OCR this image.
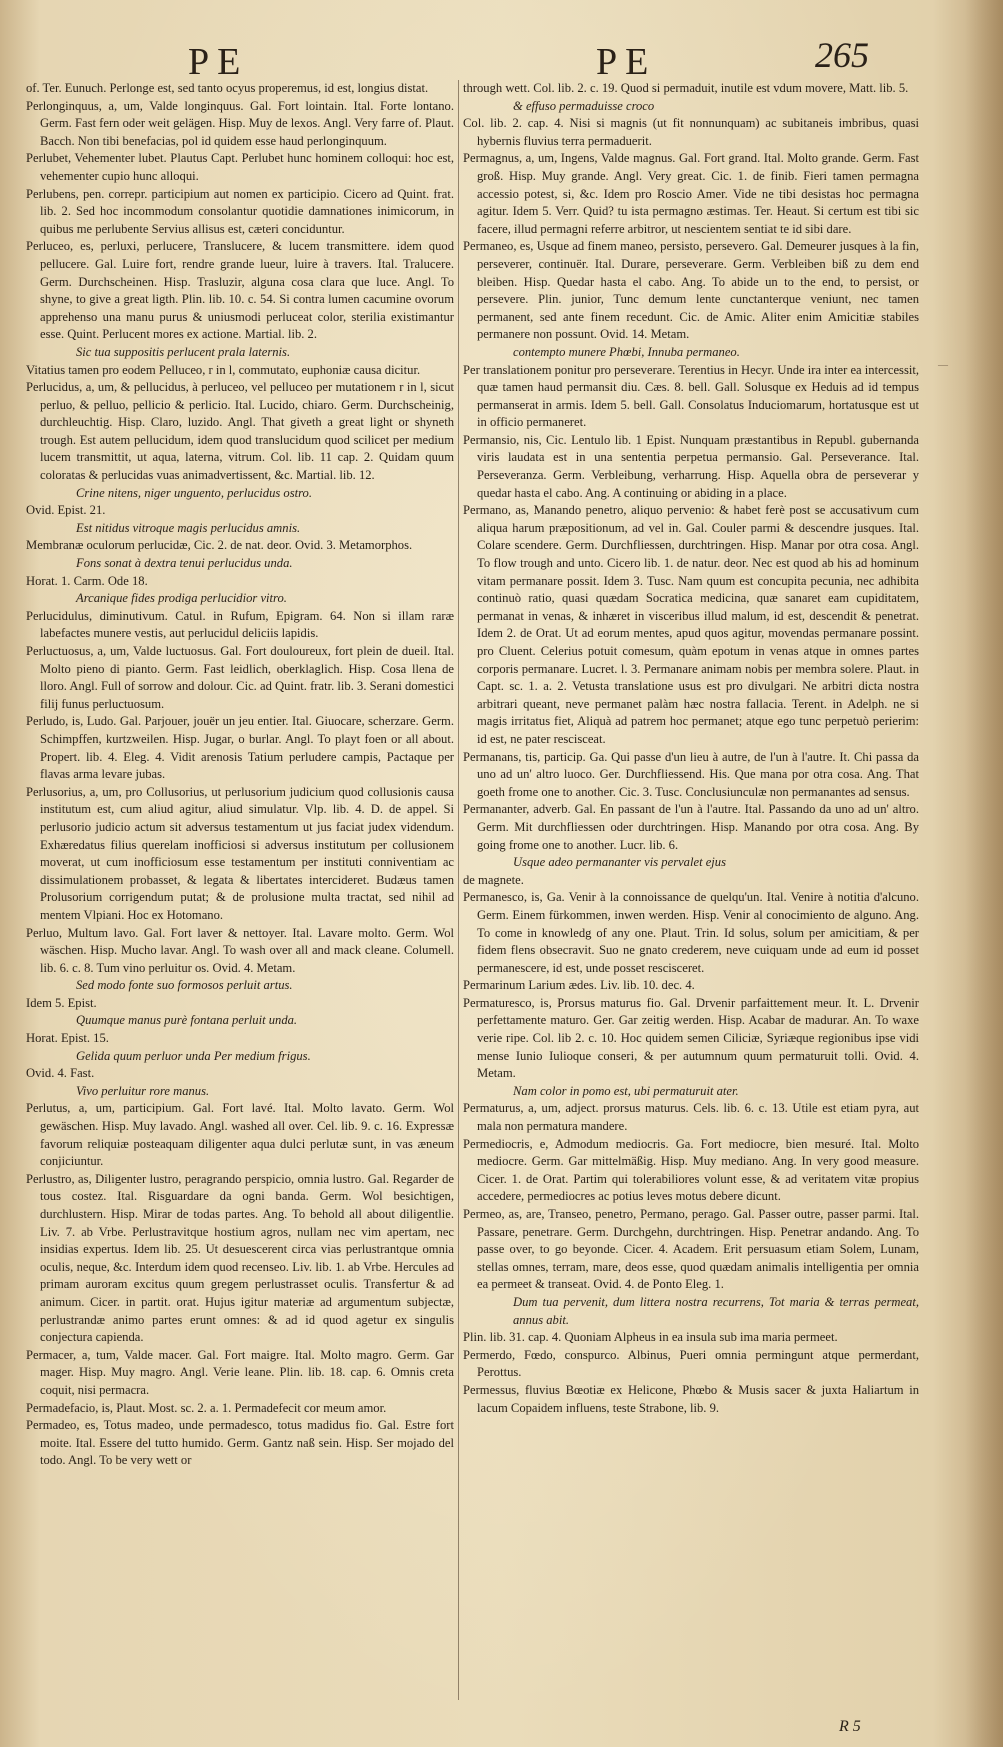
PE	PE	265

of. Ter. Eunuch. Perlonge est, sed tanto ocyus properemus, id est, longius distat.

Perlonginquus, a, um, Valde longinquus. Gal. Fort lointain. Ital. Forte lontano. Germ. Fast fern oder weit gelägen. Hisp. Muy de lexos. Angl. Very farre of. Plaut. Bacch. Non tibi benefacias, pol id quidem esse haud perlonginquum.

Perlubet, Vehementer lubet. Plautus Capt. Perlubet hunc hominem colloqui: hoc est, vehementer cupio hunc alloqui.

Perlubens, pen. correpr. participium aut nomen ex participio. Cicero ad Quint. frat. lib. 2. Sed hoc incommodum consolantur quotidie damnationes inimicorum, in quibus me perlubente Servius allisus est, cæteri conciduntur.

Perluceo, es, perluxi, perlucere, Translucere, & lucem transmittere. idem quod pellucere. Gal. Luire fort, rendre grande lueur, luire à travers. Ital. Tralucere. Germ. Durchscheinen. Hisp. Trasluzir, alguna cosa clara que luce. Angl. To shyne, to give a great ligth. Plin. lib. 10. c. 54. Si contra lumen cacumine ovorum apprehenso una manu purus & uniusmodi perluceat color, sterilia existimantur esse. Quint. Perlucent mores ex actione. Martial. lib. 2.

Sic tua suppositis perlucent prala laternis.

Vitatius tamen pro eodem Pelluceo, r in l, commutato, euphoniæ causa dicitur.

Perlucidus, a, um, & pellucidus, à perluceo, vel pelluceo per mutationem r in l, sicut perluo, & pelluo, pellicio & perlicio. Ital. Lucido, chiaro. Germ. Durchscheinig, durchleuchtig. Hisp. Claro, luzido. Angl. That giveth a great light or shyneth trough. Est autem pellucidum, idem quod translucidum quod scilicet per medium lucem transmittit, ut aqua, laterna, vitrum. Col. lib. 11 cap. 2. Quidam quum coloratas & perlucidas vuas animadvertissent, &c. Martial. lib. 12.

Crine nitens, niger unguento, perlucidus ostro.

Ovid. Epist. 21.

Est nitidus vitroque magis perlucidus amnis.

Membranæ oculorum perlucidæ, Cic. 2. de nat. deor. Ovid. 3. Metamorphos.

Fons sonat à dextra tenui perlucidus unda.

Horat. 1. Carm. Ode 18.

Arcanique fides prodiga perlucidior vitro.

Perlucidulus, diminutivum. Catul. in Rufum, Epigram. 64. Non si illam raræ labefactes munere vestis, aut perlucidul deliciis lapidis.

Perluctuosus, a, um, Valde luctuosus. Gal. Fort douloureux, fort plein de dueil. Ital. Molto pieno di pianto. Germ. Fast leidlich, oberklaglich. Hisp. Cosa llena de lloro. Angl. Full of sorrow and dolour. Cic. ad Quint. fratr. lib. 3. Serani domestici filij funus perluctuosum.

Perludo, is, Ludo. Gal. Parjouer, jouër un jeu entier. Ital. Giuocare, scherzare. Germ. Schimpffen, kurtzweilen. Hisp. Jugar, o burlar. Angl. To playt foen or all about. Propert. lib. 4. Eleg. 4. Vidit arenosis Tatium perludere campis, Pactaque per flavas arma levare jubas.

Perlusorius, a, um, pro Collusorius, ut perlusorium judicium quod collusionis causa institutum est, cum aliud agitur, aliud simulatur. Vlp. lib. 4. D. de appel. Si perlusorio judicio actum sit adversus testamentum ut jus faciat judex videndum. Exhæredatus filius querelam inofficiosi si adversus institutum per collusionem moverat, ut cum inofficiosum esse testamentum per instituti conniventiam ac dissimulationem probasset, & legata & libertates intercideret. Budæus tamen Prolusorium corrigendum putat; & de prolusione multa tractat, sed nihil ad mentem Vlpiani. Hoc ex Hotomano.

Perluo, Multum lavo. Gal. Fort laver & nettoyer. Ital. Lavare molto. Germ. Wol wäschen. Hisp. Mucho lavar. Angl. To wash over all and mack cleane. Columell. lib. 6. c. 8. Tum vino perluitur os. Ovid. 4. Metam.

Sed modo fonte suo formosos perluit artus.

Idem 5. Epist.

Quumque manus purè fontana perluit unda.

Horat. Epist. 15.

Gelida quum perluor unda Per medium frigus.

Ovid. 4. Fast.

Vivo perluitur rore manus.

Perlutus, a, um, participium. Gal. Fort lavé. Ital. Molto lavato. Germ. Wol gewäschen. Hisp. Muy lavado. Angl. washed all over. Cel. lib. 9. c. 16. Expressæ favorum reliquiæ posteaquam diligenter aqua dulci perlutæ sunt, in vas æneum conjiciuntur.

Perlustro, as, Diligenter lustro, peragrando perspicio, omnia lustro. Gal. Regarder de tous costez. Ital. Risguardare da ogni banda. Germ. Wol besichtigen, durchlustern. Hisp. Mirar de todas partes. Ang. To behold all about diligentlie. Liv. 7. ab Vrbe. Perlustravitque hostium agros, nullam nec vim apertam, nec insidias expertus. Idem lib. 25. Ut desuescerent circa vias perlustrantque omnia oculis, neque, &c. Interdum idem quod recenseo. Liv. lib. 1. ab Vrbe. Hercules ad primam auroram excitus quum gregem perlustrasset oculis. Transfertur & ad animum. Cicer. in partit. orat. Hujus igitur materiæ ad argumentum subjectæ, perlustrandæ animo partes erunt omnes: & ad id quod agetur ex singulis conjectura capienda.

Permacer, a, tum, Valde macer. Gal. Fort maigre. Ital. Molto magro. Germ. Gar mager. Hisp. Muy magro. Angl. Verie leane. Plin. lib. 18. cap. 6. Omnis creta coquit, nisi permacra.

Permadefacio, is, Plaut. Most. sc. 2. a. 1. Permadefecit cor meum amor.

Permadeo, es, Totus madeo, unde permadesco, totus madidus fio. Gal. Estre fort moite. Ital. Essere del tutto humido. Germ. Gantz naß sein. Hisp. Ser mojado del todo. Angl. To be very wett or

through wett. Col. lib. 2. c. 19. Quod si permaduit, inutile est vdum movere, Matt. lib. 5.

& effuso permaduisse croco

Col. lib. 2. cap. 4. Nisi si magnis (ut fit nonnunquam) ac subitaneis imbribus, quasi hybernis fluvius terra permaduerit.

Permagnus, a, um, Ingens, Valde magnus. Gal. Fort grand. Ital. Molto grande. Germ. Fast groß. Hisp. Muy grande. Angl. Very great. Cic. 1. de finib. Fieri tamen permagna accessio potest, si, &c. Idem pro Roscio Amer. Vide ne tibi desistas hoc permagna agitur. Idem 5. Verr. Quid? tu ista permagno æstimas. Ter. Heaut. Si certum est tibi sic facere, illud permagni referre arbitror, ut nescientem sentiat te id sibi dare.

Permaneo, es, Usque ad finem maneo, persisto, persevero. Gal. Demeurer jusques à la fin, perseverer, continuër. Ital. Durare, perseverare. Germ. Verbleiben biß zu dem end bleiben. Hisp. Quedar hasta el cabo. Ang. To abide un to the end, to persist, or persevere. Plin. junior, Tunc demum lente cunctanterque veniunt, nec tamen permanent, sed ante finem recedunt. Cic. de Amic. Aliter enim Amicitiæ stabiles permanere non possunt. Ovid. 14. Metam.

contempto munere Phœbi, Innuba permaneo.

Per translationem ponitur pro perseverare. Terentius in Hecyr. Unde ira inter ea intercessit, quæ tamen haud permansit diu. Cæs. 8. bell. Gall. Solusque ex Heduis ad id tempus permanserat in armis. Idem 5. bell. Gall. Consolatus Induciomarum, hortatusque est ut in officio permaneret.

Permansio, nis, Cic. Lentulo lib. 1 Epist. Nunquam præstantibus in Republ. gubernanda viris laudata est in una sententia perpetua permansio. Gal. Perseverance. Ital. Perseveranza. Germ. Verbleibung, verharrung. Hisp. Aquella obra de perseverar y quedar hasta el cabo. Ang. A continuing or abiding in a place.

Permano, as, Manando penetro, aliquo pervenio: & habet ferè post se accusativum cum aliqua harum præpositionum, ad vel in. Gal. Couler parmi & descendre jusques. Ital. Colare scendere. Germ. Durchfliessen, durchtringen. Hisp. Manar por otra cosa. Angl. To flow trough and unto. Cicero lib. 1. de natur. deor. Nec est quod ab his ad hominum vitam permanare possit. Idem 3. Tusc. Nam quum est concupita pecunia, nec adhibita continuò ratio, quasi quædam Socratica medicina, quæ sanaret eam cupiditatem, permanat in venas, & inhæret in visceribus illud malum, id est, descendit & penetrat. Idem 2. de Orat. Ut ad eorum mentes, apud quos agitur, movendas permanare possint. pro Cluent. Celerius potuit comesum, quàm epotum in venas atque in omnes partes corporis permanare. Lucret. l. 3. Permanare animam nobis per membra solere. Plaut. in Capt. sc. 1. a. 2. Vetusta translatione usus est pro divulgari. Ne arbitri dicta nostra arbitrari queant, neve permanet palàm hæc nostra fallacia. Terent. in Adelph. ne si magis irritatus fiet, Aliquà ad patrem hoc permanet; atque ego tunc perpetuò perierim: id est, ne pater rescisceat.

Permanans, tis, particip. Ga. Qui passe d'un lieu à autre, de l'un à l'autre. It. Chi passa da uno ad un' altro luoco. Ger. Durchfliessend. His. Que mana por otra cosa. Ang. That goeth frome one to another. Cic. 3. Tusc. Conclusiunculæ non permanantes ad sensus.

Permananter, adverb. Gal. En passant de l'un à l'autre. Ital. Passando da uno ad un' altro. Germ. Mit durchfliessen oder durchtringen. Hisp. Manando por otra cosa. Ang. By going frome one to another. Lucr. lib. 6.

Usque adeo permananter vis pervalet ejus

de magnete.

Permanesco, is, Ga. Venir à la connoissance de quelqu'un. Ital. Venire à notitia d'alcuno. Germ. Einem fürkommen, inwen werden. Hisp. Venir al conocimiento de alguno. Ang. To come in knowledg of any one. Plaut. Trin. Id solus, solum per amicitiam, & per fidem flens obsecravit. Suo ne gnato crederem, neve cuiquam unde ad eum id posset permanescere, id est, unde posset rescisceret.

Permarinum Larium ædes. Liv. lib. 10. dec. 4.

Permaturesco, is, Prorsus maturus fio. Gal. Drvenir parfaittement meur. It. L. Drvenir perfettamente maturo. Ger. Gar zeitig werden. Hisp. Acabar de madurar. An. To waxe verie ripe. Col. lib 2. c. 10. Hoc quidem semen Ciliciæ, Syriæque regionibus ipse vidi mense Iunio Iulioque conseri, & per autumnum quum permaturuit tolli. Ovid. 4. Metam.

Nam color in pomo est, ubi permaturuit ater.

Permaturus, a, um, adject. prorsus maturus. Cels. lib. 6. c. 13. Utile est etiam pyra, aut mala non permatura mandere.

Permediocris, e, Admodum mediocris. Ga. Fort mediocre, bien mesuré. Ital. Molto mediocre. Germ. Gar mittelmäßig. Hisp. Muy mediano. Ang. In very good measure. Cicer. 1. de Orat. Partim qui tolerabiliores volunt esse, & ad veritatem vitæ propius accedere, permediocres ac potius leves motus debere dicunt.

Permeo, as, are, Transeo, penetro, Permano, perago. Gal. Passer outre, passer parmi. Ital. Passare, penetrare. Germ. Durchgehn, durchtringen. Hisp. Penetrar andando. Ang. To passe over, to go beyonde. Cicer. 4. Academ. Erit persuasum etiam Solem, Lunam, stellas omnes, terram, mare, deos esse, quod quædam animalis intelligentia per omnia ea permeet & transeat. Ovid. 4. de Ponto Eleg. 1.

Dum tua pervenit, dum littera nostra recurrens, Tot maria & terras permeat, annus abit.

Plin. lib. 31. cap. 4. Quoniam Alpheus in ea insula sub ima maria permeet.

Permerdo, Fœdo, conspurco. Albinus, Pueri omnia permingunt atque permerdant, Perottus.

Permessus, fluvius Bœotiæ ex Helicone, Phœbo & Musis sacer & juxta Haliartum in lacum Copaidem influens, teste Strabone, lib. 9.

—
R 5
